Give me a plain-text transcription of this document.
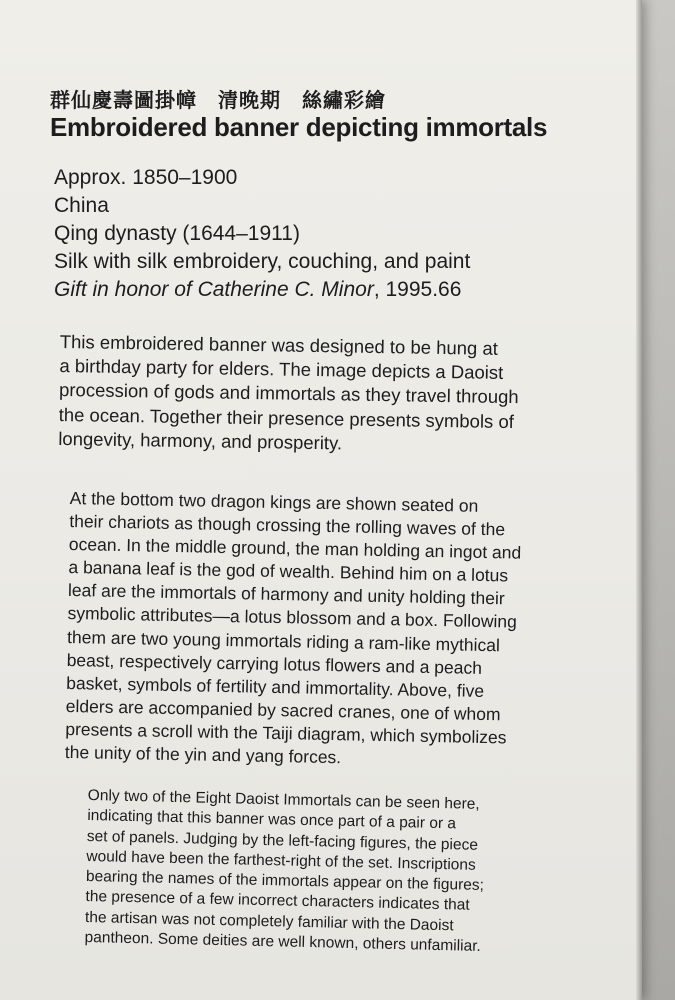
群仙慶壽圖掛幛　清晚期　絲繡彩繪
Embroidered banner depicting immortals
Approx. 1850–1900
China
Qing dynasty (1644–1911)
Silk with silk embroidery, couching, and paint
Gift in honor of Catherine C. Minor, 1995.66
This embroidered banner was designed to be hung at
a birthday party for elders. The image depicts a Daoist
procession of gods and immortals as they travel through
the ocean. Together their presence presents symbols of
longevity, harmony, and prosperity.
At the bottom two dragon kings are shown seated on
their chariots as though crossing the rolling waves of the
ocean. In the middle ground, the man holding an ingot and
a banana leaf is the god of wealth. Behind him on a lotus
leaf are the immortals of harmony and unity holding their
symbolic attributes—a lotus blossom and a box. Following
them are two young immortals riding a ram-like mythical
beast, respectively carrying lotus flowers and a peach
basket, symbols of fertility and immortality. Above, five
elders are accompanied by sacred cranes, one of whom
presents a scroll with the Taiji diagram, which symbolizes
the unity of the yin and yang forces.
Only two of the Eight Daoist Immortals can be seen here,
indicating that this banner was once part of a pair or a
set of panels. Judging by the left-facing figures, the piece
would have been the farthest-right of the set. Inscriptions
bearing the names of the immortals appear on the figures;
the presence of a few incorrect characters indicates that
the artisan was not completely familiar with the Daoist
pantheon. Some deities are well known, others unfamiliar.
